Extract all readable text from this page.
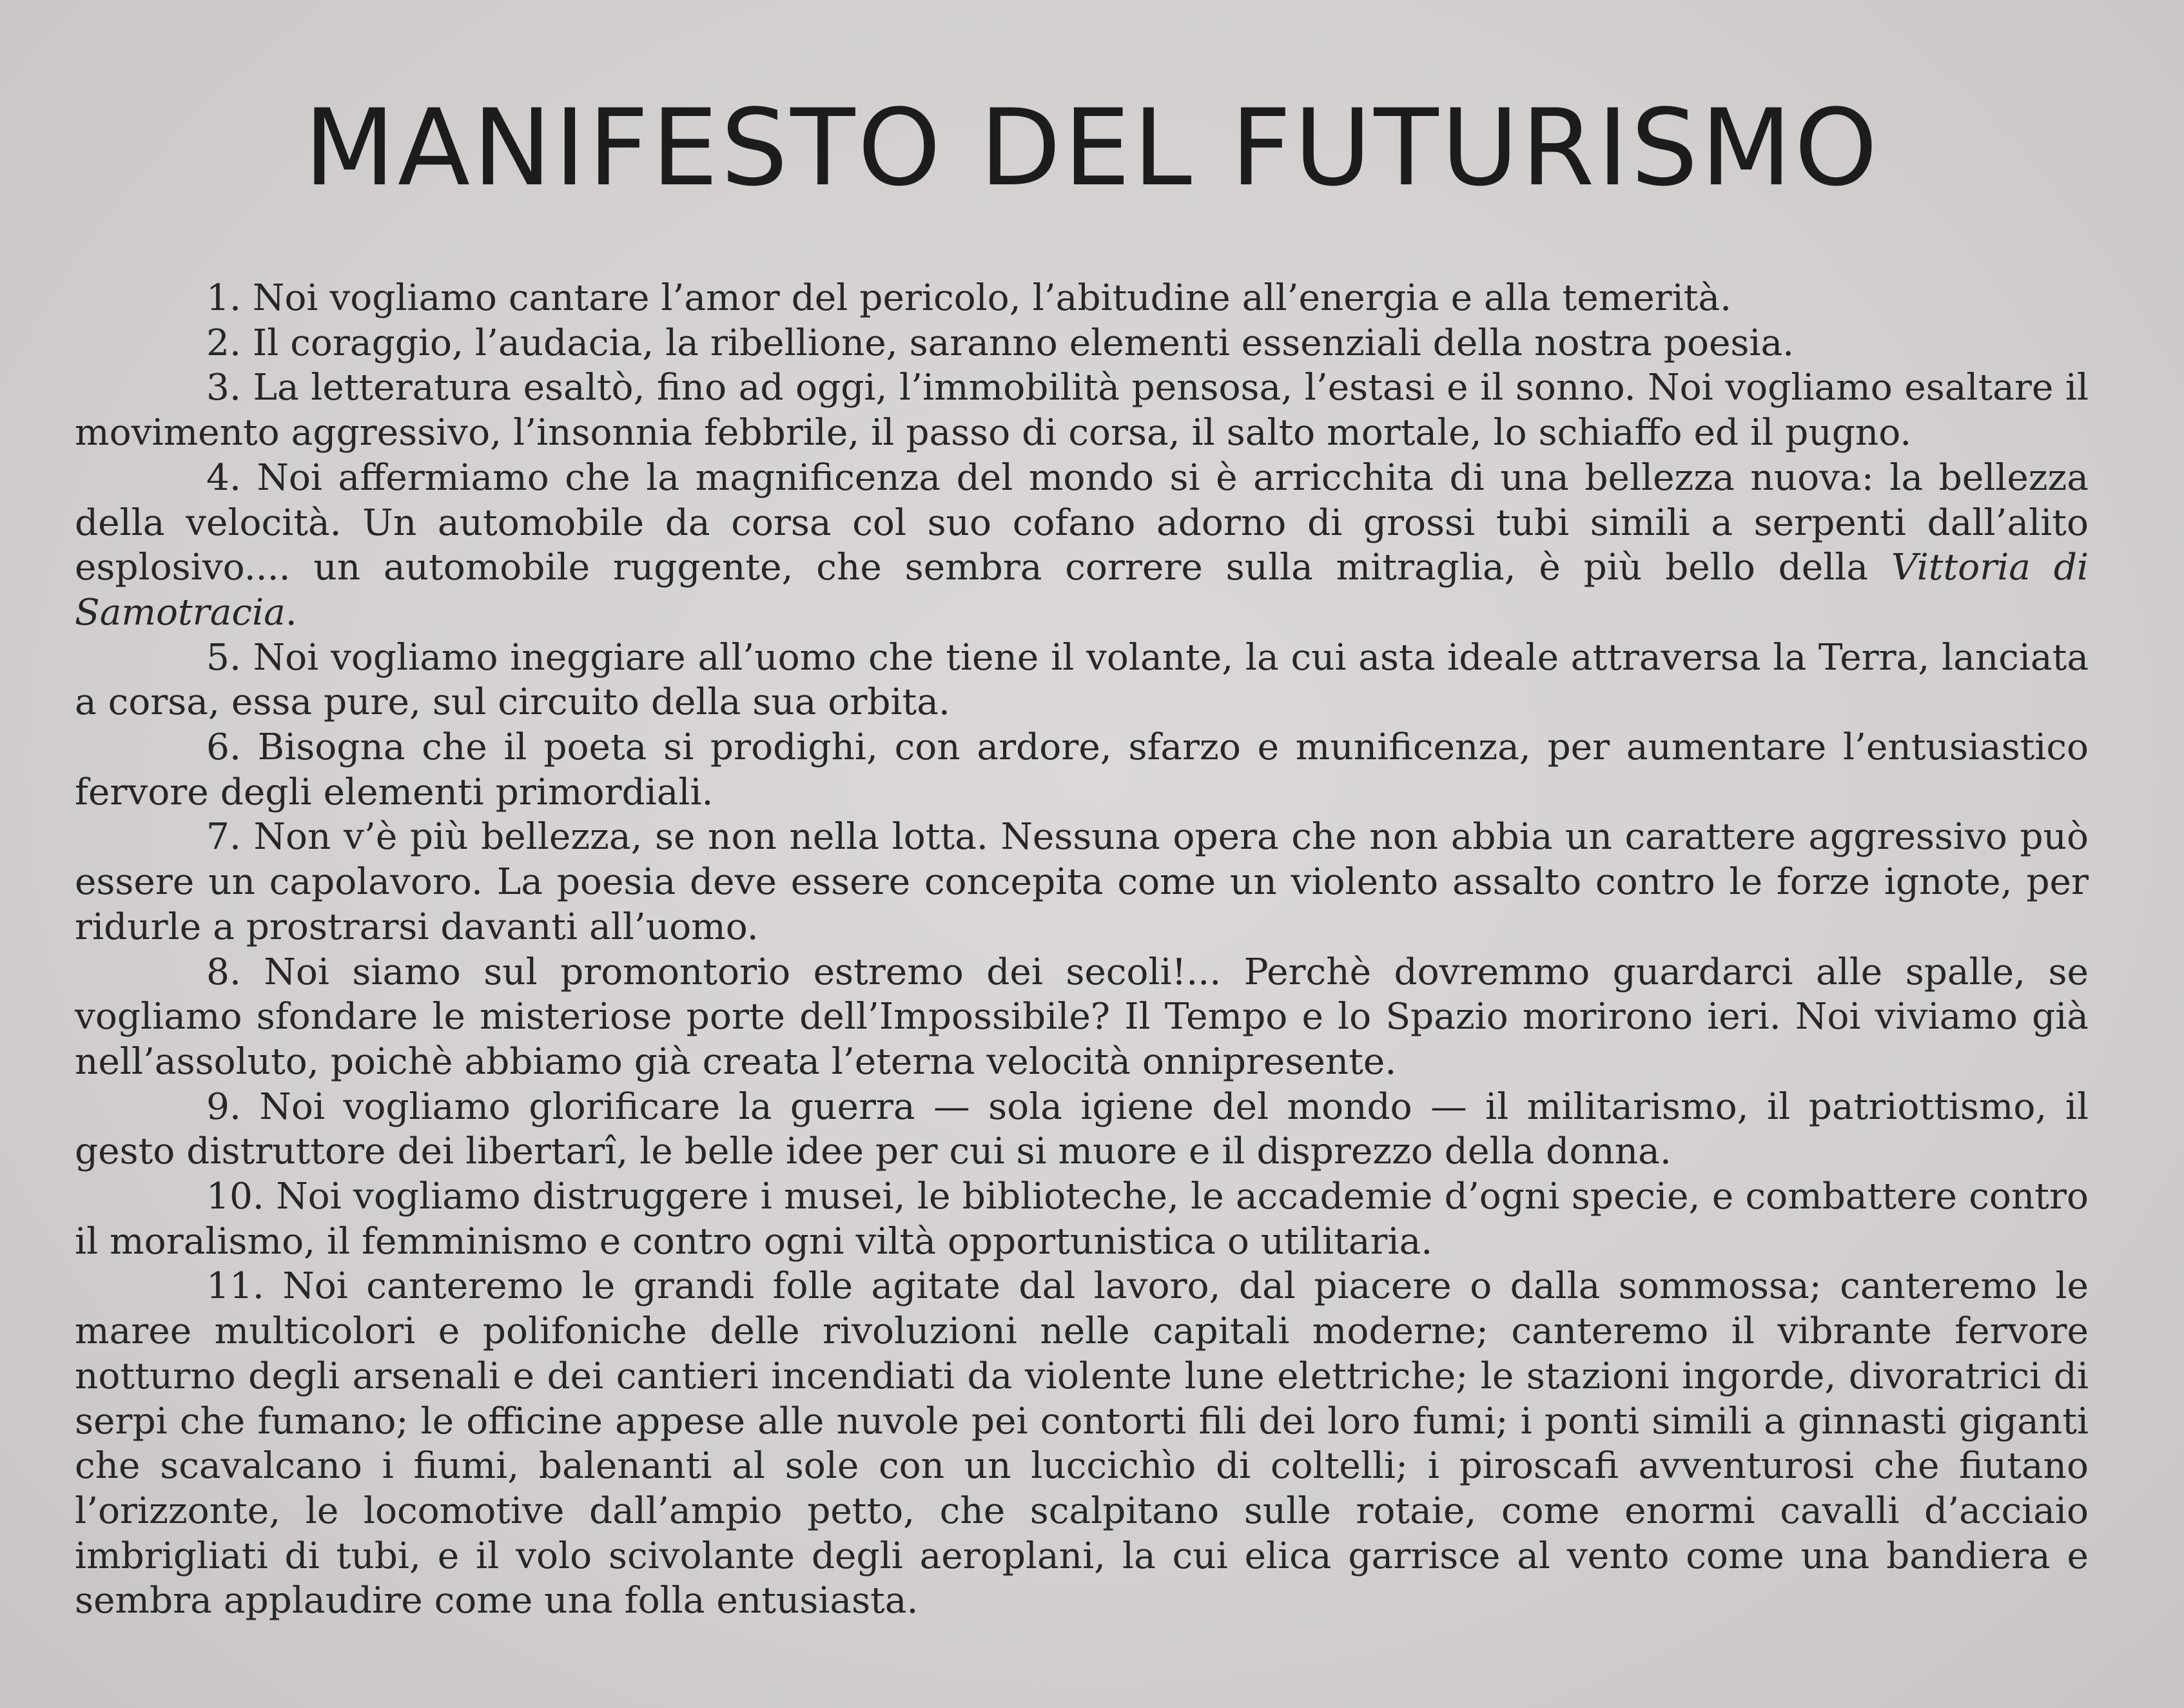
MANIFESTO DEL FUTURISMO

1. Noi vogliamo cantare l’amor del pericolo, l’abitudine all’energia e alla temerità.

2. Il coraggio, l’audacia, la ribellione, saranno elementi essenziali della nostra poesia.

3. La letteratura esaltò, fino ad oggi, l’immobilità pensosa, l’estasi e il sonno. Noi vogliamo esaltare il movimento aggressivo, l’insonnia febbrile, il passo di corsa, il salto mortale, lo schiaffo ed il pugno.

4. Noi affermiamo che la magnificenza del mondo si è arricchita di una bellezza nuova: la bellezza della velocità. Un automobile da corsa col suo cofano adorno di grossi tubi simili a serpenti dall’alito esplosivo.... un automobile ruggente, che sembra correre sulla mitraglia, è più bello della Vittoria di Samotracia.

5. Noi vogliamo ineggiare all’uomo che tiene il volante, la cui asta ideale attraversa la Terra, lanciata a corsa, essa pure, sul circuito della sua orbita.

6. Bisogna che il poeta si prodighi, con ardore, sfarzo e munificenza, per aumentare l’entusiastico fervore degli elementi primordiali.

7. Non v’è più bellezza, se non nella lotta. Nessuna opera che non abbia un carattere aggressivo può essere un capolavoro. La poesia deve essere concepita come un violento assalto contro le forze ignote, per ridurle a prostrarsi davanti all’uomo.

8. Noi siamo sul promontorio estremo dei secoli!... Perchè dovremmo guardarci alle spalle, se vogliamo sfondare le misteriose porte dell’Impossibile? Il Tempo e lo Spazio morirono ieri. Noi viviamo già nell’assoluto, poichè abbiamo già creata l’eterna velocità onnipresente.

9. Noi vogliamo glorificare la guerra — sola igiene del mondo — il militarismo, il patriottismo, il gesto distruttore dei libertarî, le belle idee per cui si muore e il disprezzo della donna.

10. Noi vogliamo distruggere i musei, le biblioteche, le accademie d’ogni specie, e combattere contro il moralismo, il femminismo e contro ogni viltà opportunistica o utilitaria.

11. Noi canteremo le grandi folle agitate dal lavoro, dal piacere o dalla sommossa; canteremo le maree multicolori e polifoniche delle rivoluzioni nelle capitali moderne; canteremo il vibrante fervore notturno degli arsenali e dei cantieri incendiati da violente lune elettriche; le stazioni ingorde, divoratrici di serpi che fumano; le officine appese alle nuvole pei contorti fili dei loro fumi; i ponti simili a ginnasti giganti che scavalcano i fiumi, balenanti al sole con un luccichìo di coltelli; i piroscafi avventurosi che fiutano l’orizzonte, le locomotive dall’ampio petto, che scalpitano sulle rotaie, come enormi cavalli d’acciaio imbrigliati di tubi, e il volo scivolante degli aeroplani, la cui elica garrisce al vento come una bandiera e sembra applaudire come una folla entusiasta.
